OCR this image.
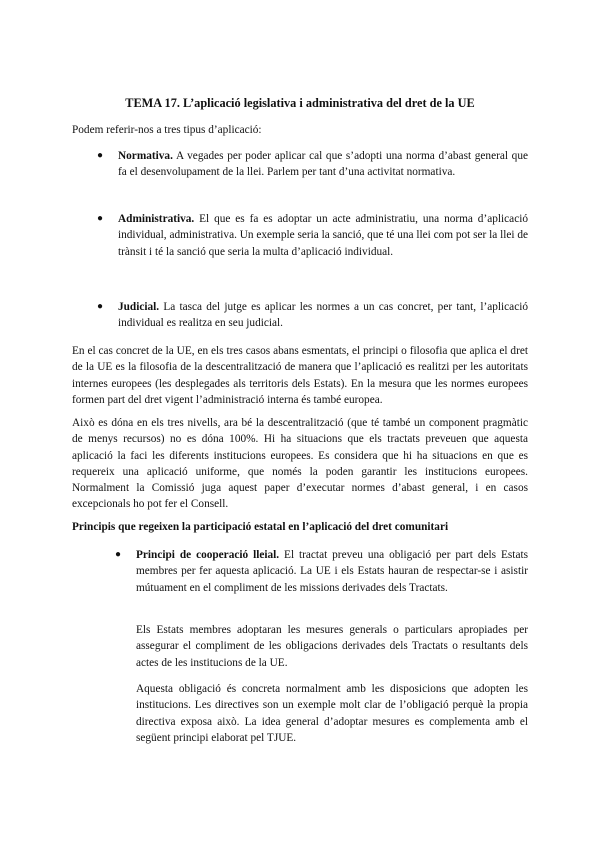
TEMA 17. L’aplicació legislativa i administrativa del dret de la UE

Podem referir-nos a tres tipus d’aplicació:

● Normativa. A vegades per poder aplicar cal que s’adopti una norma d’abast general que fa el desenvolupament de la llei. Parlem per tant d’una activitat normativa.
● Administrativa. El que es fa es adoptar un acte administratiu, una norma d’aplicació individual, administrativa. Un exemple seria la sanció, que té una llei com pot ser la llei de trànsit i té la sanció que seria la multa d’aplicació individual.
● Judicial. La tasca del jutge es aplicar les normes a un cas concret, per tant, l’aplicació individual es realitza en seu judicial.

En el cas concret de la UE, en els tres casos abans esmentats, el principi o filosofia que aplica el dret de la UE es la filosofia de la descentralització de manera que l’aplicació es realitzi per les autoritats internes europees (les desplegades als territoris dels Estats). En la mesura que les normes europees formen part del dret vigent l’administració interna és també europea.

Això es dóna en els tres nivells, ara bé la descentralització (que té també un component pragmàtic de menys recursos) no es dóna 100%. Hi ha situacions que els tractats preveuen que aquesta aplicació la faci les diferents institucions europees. Es considera que hi ha situacions en que es requereix una aplicació uniforme, que només la poden garantir les institucions europees. Normalment la Comissió juga aquest paper d’executar normes d’abast general, i en casos excepcionals ho pot fer el Consell.

Principis que regeixen la participació estatal en l’aplicació del dret comunitari
● Principi de cooperació lleial. El tractat preveu una obligació per part dels Estats membres per fer aquesta aplicació. La UE i els Estats hauran de respectar-se i asistir mútuament en el compliment de les missions derivades dels Tractats.

Els Estats membres adoptaran les mesures generals o particulars apropiades per assegurar el compliment de les obligacions derivades dels Tractats o resultants dels actes de les institucions de la UE.

Aquesta obligació és concreta normalment amb les disposicions que adopten les institucions. Les directives son un exemple molt clar de l’obligació perquè la propia directiva exposa això. La idea general d’adoptar mesures es complementa amb el següent principi elaborat pel TJUE.
